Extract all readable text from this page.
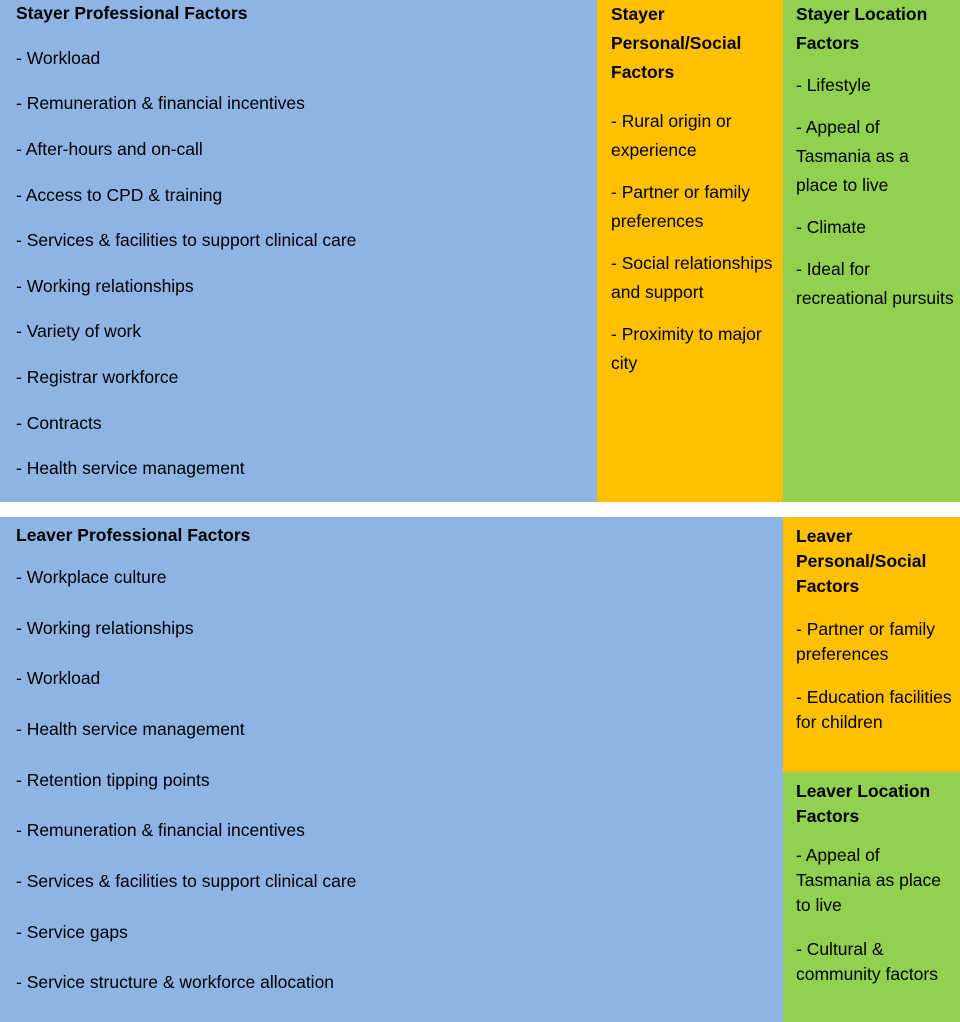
Stayer Professional Factors
- Workload
- Remuneration & financial incentives
- After-hours and on-call
- Access to CPD & training
- Services & facilities to support clinical care
- Working relationships
- Variety of work
- Registrar workforce
- Contracts
- Health service management

Stayer Personal/Social Factors

- Rural origin or experience

- Partner or family preferences

- Social relationships and support

- Proximity to major city

Stayer Location Factors

- Lifestyle

- Appeal of Tasmania as a place to live

- Climate

- Ideal for recreational pursuits

Leaver Professional Factors
- Workplace culture
- Working relationships
- Workload
- Health service management
- Retention tipping points
- Remuneration & financial incentives
- Services & facilities to support clinical care
- Service gaps
- Service structure & workforce allocation

Leaver Personal/Social Factors

- Partner or family preferences

- Education facilities for children

Leaver Location Factors

- Appeal of Tasmania as place to live

- Cultural & community factors
